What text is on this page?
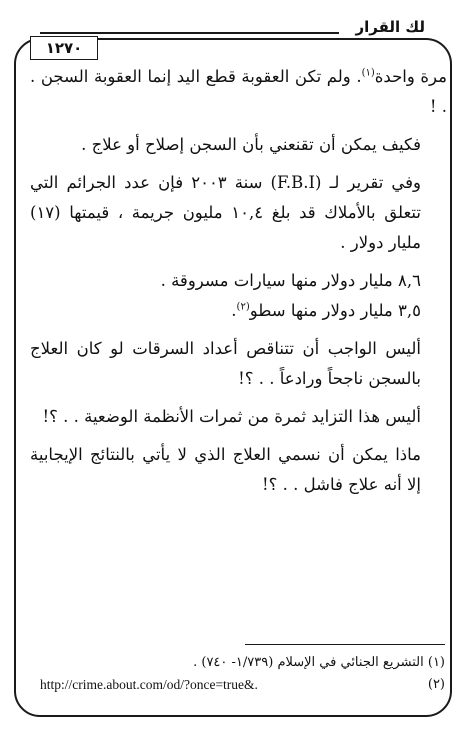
لك القرار
١٢٧٠

مرة واحدة$^{(١)}$. ولم تكن العقوبة قطع اليد إنما العقوبة السجن . . !

فكيف يمكن أن تقنعني بأن السجن إصلاح أو علاج .

وفي تقرير لـ (F.B.I) سنة ٢٠٠٣ فإن عدد الجرائم التي تتعلق بالأملاك قد بلغ ١٠,٤ مليون جريمة ، قيمتها (١٧) مليار دولار .

٨,٦ مليار دولار منها سيارات مسروقة .

٣,٥ مليار دولار منها سطو$^{(٢)}$.

أليس الواجب أن تتناقص أعداد السرقات لو كان العلاج بالسجن ناجحاً ورادعاً . . ؟!

أليس هذا التزايد ثمرة من ثمرات الأنظمة الوضعية . . ؟!

ماذا يمكن أن نسمي العلاج الذي لا يأتي بالنتائج الإيجابية إلا أنه علاج فاشل . . ؟!

(١) التشريع الجنائي في الإسلام (١/٧٣٩- ٧٤٠) .
(٢)
http://crime.about.com/od/?once=true&.
